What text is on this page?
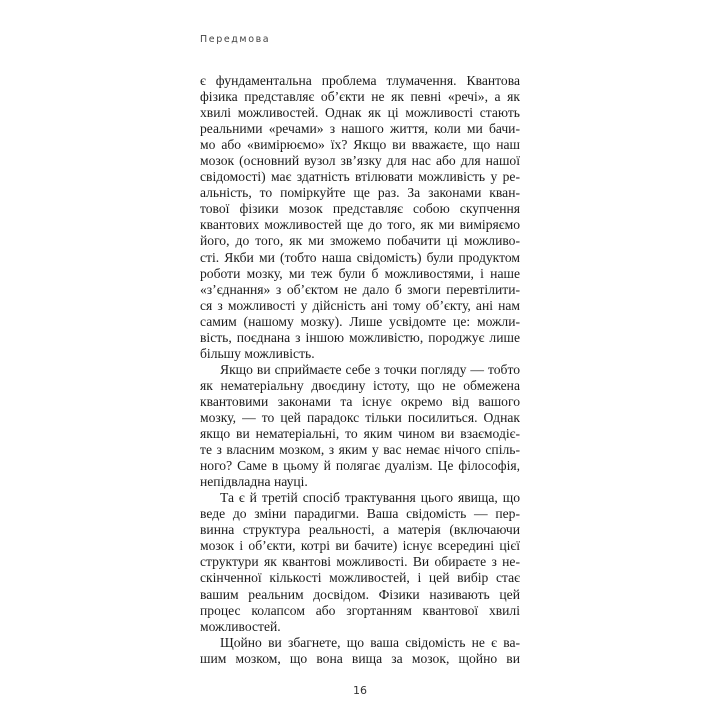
Передмова
є фундаментальна проблема тлумачення. Квантова
фізика представляє об’єкти не як певні «речі», а як
хвилі можливостей. Однак як ці можливості стають
реальними «речами» з нашого життя, коли ми бачи-
мо або «вимірюємо» їх? Якщо ви вважаєте, що наш
мозок (основний вузол зв’язку для нас або для нашої
свідомості) має здатність втілювати можливість у ре-
альність, то поміркуйте ще раз. За законами кван-
тової фізики мозок представляє собою скупчення
квантових можливостей ще до того, як ми виміряємо
його, до того, як ми зможемо побачити ці можливо-
сті. Якби ми (тобто наша свідомість) були продуктом
роботи мозку, ми теж були б можливостями, і наше
«з’єднання» з об’єктом не дало б змоги перевтілити-
ся з можливості у дійсність ані тому об’єкту, ані нам
самим (нашому мозку). Лише усвідомте це: можли-
вість, поєднана з іншою можливістю, породжує лише
більшу можливість.
Якщо ви сприймаєте себе з точки погляду — тобто
як нематеріальну двоєдину істоту, що не обмежена
квантовими законами та існує окремо від вашого
мозку, — то цей парадокс тільки посилиться. Однак
якщо ви нематеріальні, то яким чином ви взаємодіє-
те з власним мозком, з яким у вас немає нічого спіль-
ного? Саме в цьому й полягає дуалізм. Це філософія,
непідвладна науці.
Та є й третій спосіб трактування цього явища, що
веде до зміни парадигми. Ваша свідомість — пер-
винна структура реальності, а матерія (включаючи
мозок і об’єкти, котрі ви бачите) існує всередині цієї
структури як квантові можливості. Ви обираєте з не-
скінченної кількості можливостей, і цей вибір стає
вашим реальним досвідом. Фізики називають цей
процес колапсом або згортанням квантової хвилі
можливостей.
Щойно ви збагнете, що ваша свідомість не є ва-
шим мозком, що вона вища за мозок, щойно ви
16
